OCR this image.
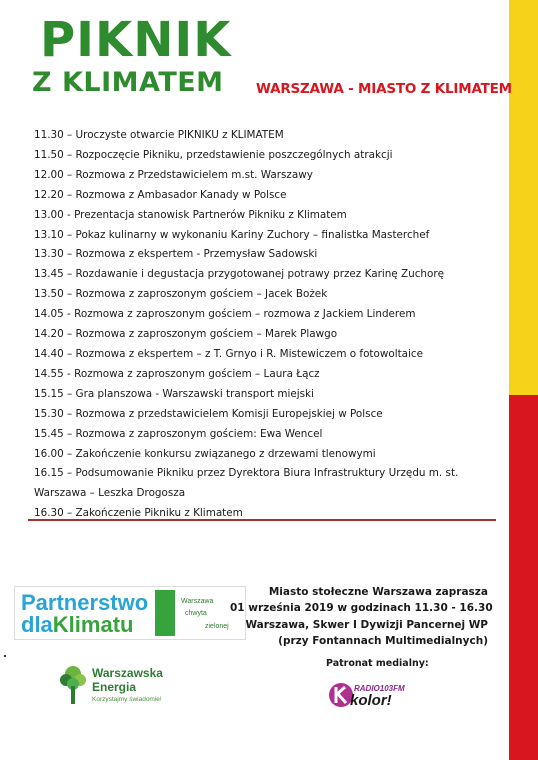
PIKNIK
Z KLIMATEM WARSZAWA - MIASTO Z KLIMATEM
11.30 – Uroczyste otwarcie PIKNIKU z KLIMATEM
11.50 – Rozpoczęcie Pikniku, przedstawienie poszczególnych atrakcji
12.00 – Rozmowa z Przedstawicielem m.st. Warszawy
12.20 – Rozmowa z Ambasador Kanady w Polsce
13.00 - Prezentacja stanowisk Partnerów Pikniku z Klimatem
13.10 – Pokaz kulinarny w wykonaniu Kariny Zuchory – finalistka Masterchef
13.30 – Rozmowa z ekspertem - Przemysław Sadowski
13.45 – Rozdawanie i degustacja przygotowanej potrawy przez Karinę Zuchorę
13.50 – Rozmowa z zaproszonym gościem – Jacek Bożek
14.05 - Rozmowa z zaproszonym gościem – rozmowa z Jackiem Linderem
14.20 – Rozmowa z zaproszonym gościem – Marek Plawgo
14.40 – Rozmowa z ekspertem – z T. Grnyo i R. Mistewiczem o fotowoltaice
14.55 - Rozmowa z zaproszonym gościem – Laura Łącz
15.15 – Gra planszowa - Warszawski transport miejski
15.30 – Rozmowa z przedstawicielem Komisji Europejskiej w Polsce
15.45 – Rozmowa z zaproszonym gościem: Ewa Wencel
16.00 – Zakończenie konkursu związanego z drzewami tlenowymi
16.15 – Podsumowanie Pikniku przez Dyrektora Biura Infrastruktury Urzędu m. st.
Warszawa – Leszka Drogosza
16.30 – Zakończenie Pikniku z Klimatem
Partnerstwo
dlaKlimatu
Warszawa
chwyta
zielonej
Miasto stołeczne Warszawa zaprasza
01 września 2019 w godzinach 11.30 - 16.30
Warszawa, Skwer I Dywizji Pancernej WP
(przy Fontannach Multimedialnych)
Patronat medialny:
Warszawska
Energia
Korzystajmy świadomie!
RADIO103FM
kolor!
